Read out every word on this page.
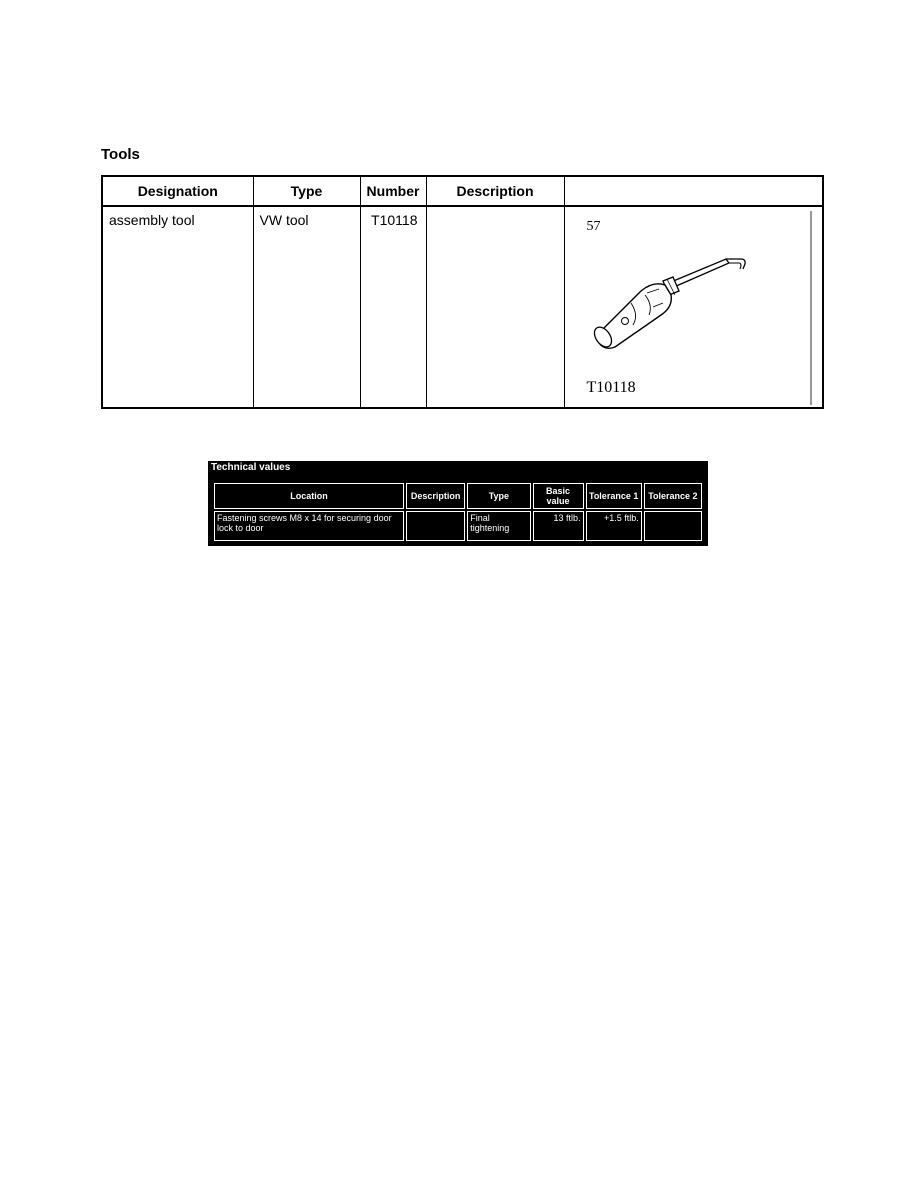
Tools
Designation	Type	Number	Description	
assembly tool	VW tool	T10118		57
T10118
Technical values
Location	Description	Type	Basic value	Tolerance 1	Tolerance 2
Fastening screws M8 x 14 for securing door lock to door		Final tightening	13 ftlb.	+1.5 ftlb.	
